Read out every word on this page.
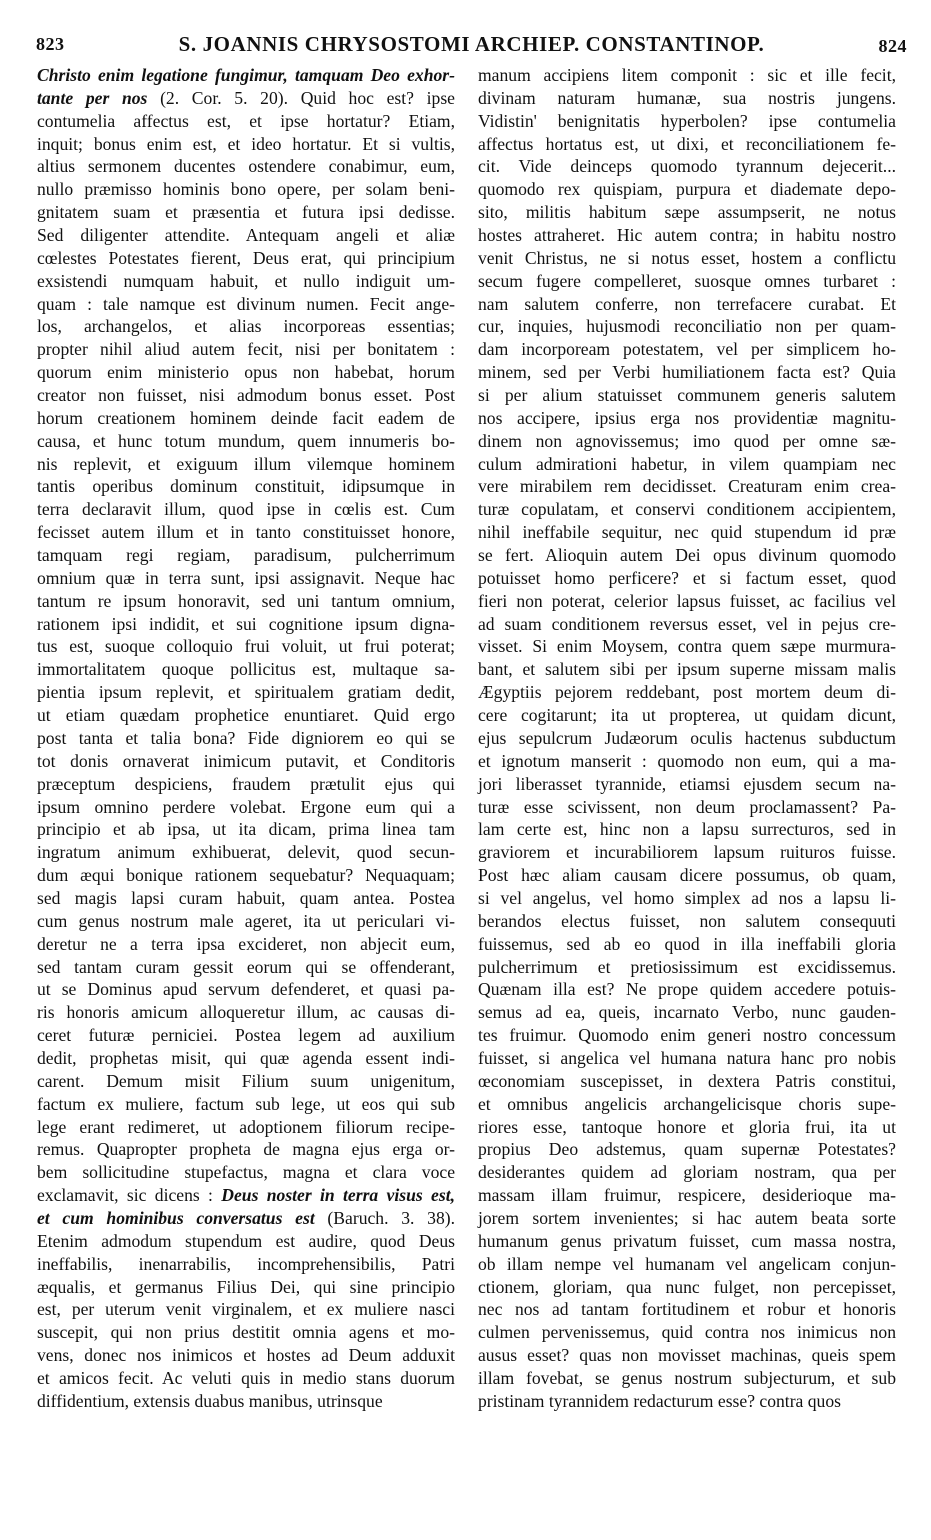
823	S. JOANNIS CHRYSOSTOMI ARCHIEP. CONSTANTINOP.	824
Christo enim legatione fungimur, tamquam Deo exhor-
tante per nos (2. Cor. 5. 20). Quid hoc est? ipse
contumelia affectus est, et ipse hortatur? Etiam,
inquit; bonus enim est, et ideo hortatur. Et si vultis,
altius sermonem ducentes ostendere conabimur, eum,
nullo præmisso hominis bono opere, per solam beni-
gnitatem suam et præsentia et futura ipsi dedisse.
Sed diligenter attendite. Antequam angeli et aliæ
cœlestes Potestates fierent, Deus erat, qui principium
exsistendi numquam habuit, et nullo indiguit um-
quam : tale namque est divinum numen. Fecit ange-
los, archangelos, et alias incorporeas essentias;
propter nihil aliud autem fecit, nisi per bonitatem :
quorum enim ministerio opus non habebat, horum
creator non fuisset, nisi admodum bonus esset. Post
horum creationem hominem deinde facit eadem de
causa, et hunc totum mundum, quem innumeris bo-
nis replevit, et exiguum illum vilemque hominem
tantis operibus dominum constituit, idipsumque in
terra declaravit illum, quod ipse in cœlis est. Cum
fecisset autem illum et in tanto constituisset honore,
tamquam regi regiam, paradisum, pulcherrimum
omnium quæ in terra sunt, ipsi assignavit. Neque hac
tantum re ipsum honoravit, sed uni tantum omnium,
rationem ipsi indidit, et sui cognitione ipsum digna-
tus est, suoque colloquio frui voluit, ut frui poterat;
immortalitatem quoque pollicitus est, multaque sa-
pientia ipsum replevit, et spiritualem gratiam dedit,
ut etiam quædam prophetice enuntiaret. Quid ergo
post tanta et talia bona? Fide digniorem eo qui se
tot donis ornaverat inimicum putavit, et Conditoris
præceptum despiciens, fraudem prætulit ejus qui
ipsum omnino perdere volebat. Ergone eum qui a
principio et ab ipsa, ut ita dicam, prima linea tam
ingratum animum exhibuerat, delevit, quod secun-
dum æqui bonique rationem sequebatur? Nequaquam;
sed magis lapsi curam habuit, quam antea. Postea
cum genus nostrum male ageret, ita ut periculari vi-
deretur ne a terra ipsa excideret, non abjecit eum,
sed tantam curam gessit eorum qui se offenderant,
ut se Dominus apud servum defenderet, et quasi pa-
ris honoris amicum alloqueretur illum, ac causas di-
ceret futuræ perniciei. Postea legem ad auxilium
dedit, prophetas misit, qui quæ agenda essent indi-
carent. Demum misit Filium suum unigenitum,
factum ex muliere, factum sub lege, ut eos qui sub
lege erant redimeret, ut adoptionem filiorum recipe-
remus. Quapropter propheta de magna ejus erga or-
bem sollicitudine stupefactus, magna et clara voce
exclamavit, sic dicens : Deus noster in terra visus est,
et cum hominibus conversatus est (Baruch. 3. 38).
Etenim admodum stupendum est audire, quod Deus
ineffabilis, inenarrabilis, incomprehensibilis, Patri
æqualis, et germanus Filius Dei, qui sine principio
est, per uterum venit virginalem, et ex muliere nasci
suscepit, qui non prius destitit omnia agens et mo-
vens, donec nos inimicos et hostes ad Deum adduxit
et amicos fecit. Ac veluti quis in medio stans duorum
diffidentium, extensis duabus manibus, utrinsque
manum accipiens litem componit : sic et ille fecit,
divinam naturam humanæ, sua nostris jungens.
Vidistin' benignitatis hyperbolen? ipse contumelia
affectus hortatus est, ut dixi, et reconciliationem fe-
cit. Vide deinceps quomodo tyrannum dejecerit...
quomodo rex quispiam, purpura et diademate depo-
sito, militis habitum sæpe assumpserit, ne notus
hostes attraheret. Hic autem contra; in habitu nostro
venit Christus, ne si notus esset, hostem a conflictu
secum fugere compelleret, suosque omnes turbaret :
nam salutem conferre, non terrefacere curabat. Et
cur, inquies, hujusmodi reconciliatio non per quam-
dam incorpoream potestatem, vel per simplicem ho-
minem, sed per Verbi humiliationem facta est? Quia
si per alium statuisset communem generis salutem
nos accipere, ipsius erga nos providentiæ magnitu-
dinem non agnovissemus; imo quod per omne sæ-
culum admirationi habetur, in vilem quampiam nec
vere mirabilem rem decidisset. Creaturam enim crea-
turæ copulatam, et conservi conditionem accipientem,
nihil ineffabile sequitur, nec quid stupendum id præ
se fert. Alioquin autem Dei opus divinum quomodo
potuisset homo perficere? et si factum esset, quod
fieri non poterat, celerior lapsus fuisset, ac facilius vel
ad suam conditionem reversus esset, vel in pejus cre-
visset. Si enim Moysem, contra quem sæpe murmura-
bant, et salutem sibi per ipsum superne missam malis
Ægyptiis pejorem reddebant, post mortem deum di-
cere cogitarunt; ita ut propterea, ut quidam dicunt,
ejus sepulcrum Judæorum oculis hactenus subductum
et ignotum manserit : quomodo non eum, qui a ma-
jori liberasset tyrannide, etiamsi ejusdem secum na-
turæ esse scivissent, non deum proclamassent? Pa-
lam certe est, hinc non a lapsu surrecturos, sed in
graviorem et incurabiliorem lapsum ruituros fuisse.
Post hæc aliam causam dicere possumus, ob quam,
si vel angelus, vel homo simplex ad nos a lapsu li-
berandos electus fuisset, non salutem consequuti
fuissemus, sed ab eo quod in illa ineffabili gloria
pulcherrimum et pretiosissimum est excidissemus.
Quænam illa est? Ne prope quidem accedere potuis-
semus ad ea, queis, incarnato Verbo, nunc gauden-
tes fruimur. Quomodo enim generi nostro concessum
fuisset, si angelica vel humana natura hanc pro nobis
œconomiam suscepisset, in dextera Patris constitui,
et omnibus angelicis archangelicisque choris supe-
riores esse, tantoque honore et gloria frui, ita ut
propius Deo adstemus, quam supernæ Potestates?
desiderantes quidem ad gloriam nostram, qua per
massam illam fruimur, respicere, desiderioque ma-
jorem sortem invenientes; si hac autem beata sorte
humanum genus privatum fuisset, cum massa nostra,
ob illam nempe vel humanam vel angelicam conjun-
ctionem, gloriam, qua nunc fulget, non percepisset,
nec nos ad tantam fortitudinem et robur et honoris
culmen pervenissemus, quid contra nos inimicus non
ausus esset? quas non movisset machinas, queis spem
illam fovebat, se genus nostrum subjecturum, et sub
pristinam tyrannidem redacturum esse? contra quos
